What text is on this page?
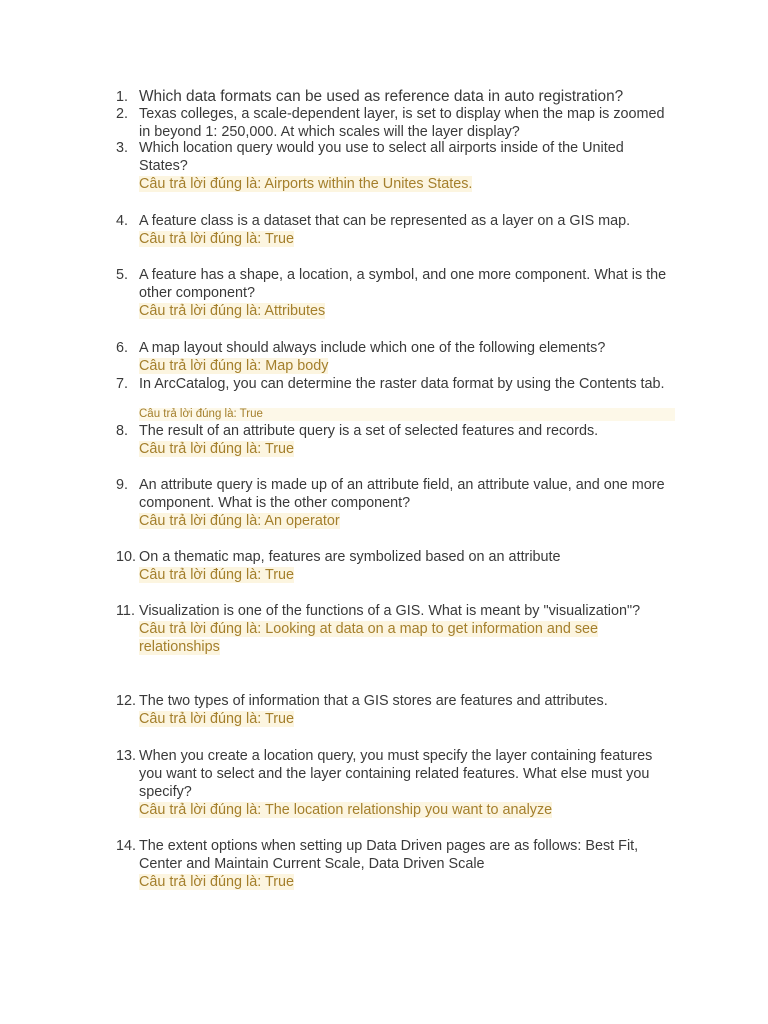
1. Which data formats can be used as reference data in auto registration?
2. Texas colleges, a scale-dependent layer, is set to display when the map is zoomed in beyond 1: 250,000. At which scales will the layer display?
3. Which location query would you use to select all airports inside of the United States?
Câu trả lời đúng là: Airports within the Unites States.
4. A feature class is a dataset that can be represented as a layer on a GIS map.
Câu trả lời đúng là: True
5. A feature has a shape, a location, a symbol, and one more component. What is the other component?
Câu trả lời đúng là: Attributes
6. A map layout should always include which one of the following elements?
Câu trả lời đúng là: Map body
7. In ArcCatalog, you can determine the raster data format by using the Contents tab.
Câu trả lời đúng là: True
8. The result of an attribute query is a set of selected features and records.
Câu trả lời đúng là: True
9. An attribute query is made up of an attribute field, an attribute value, and one more component. What is the other component?
Câu trả lời đúng là: An operator
10. On a thematic map, features are symbolized based on an attribute
Câu trả lời đúng là: True
11. Visualization is one of the functions of a GIS. What is meant by "visualization"?
Câu trả lời đúng là: Looking at data on a map to get information and see relationships
12. The two types of information that a GIS stores are features and attributes.
Câu trả lời đúng là: True
13. When you create a location query, you must specify the layer containing features you want to select and the layer containing related features. What else must you specify?
Câu trả lời đúng là: The location relationship you want to analyze
14. The extent options when setting up Data Driven pages are as follows: Best Fit, Center and Maintain Current Scale, Data Driven Scale
Câu trả lời đúng là: True
